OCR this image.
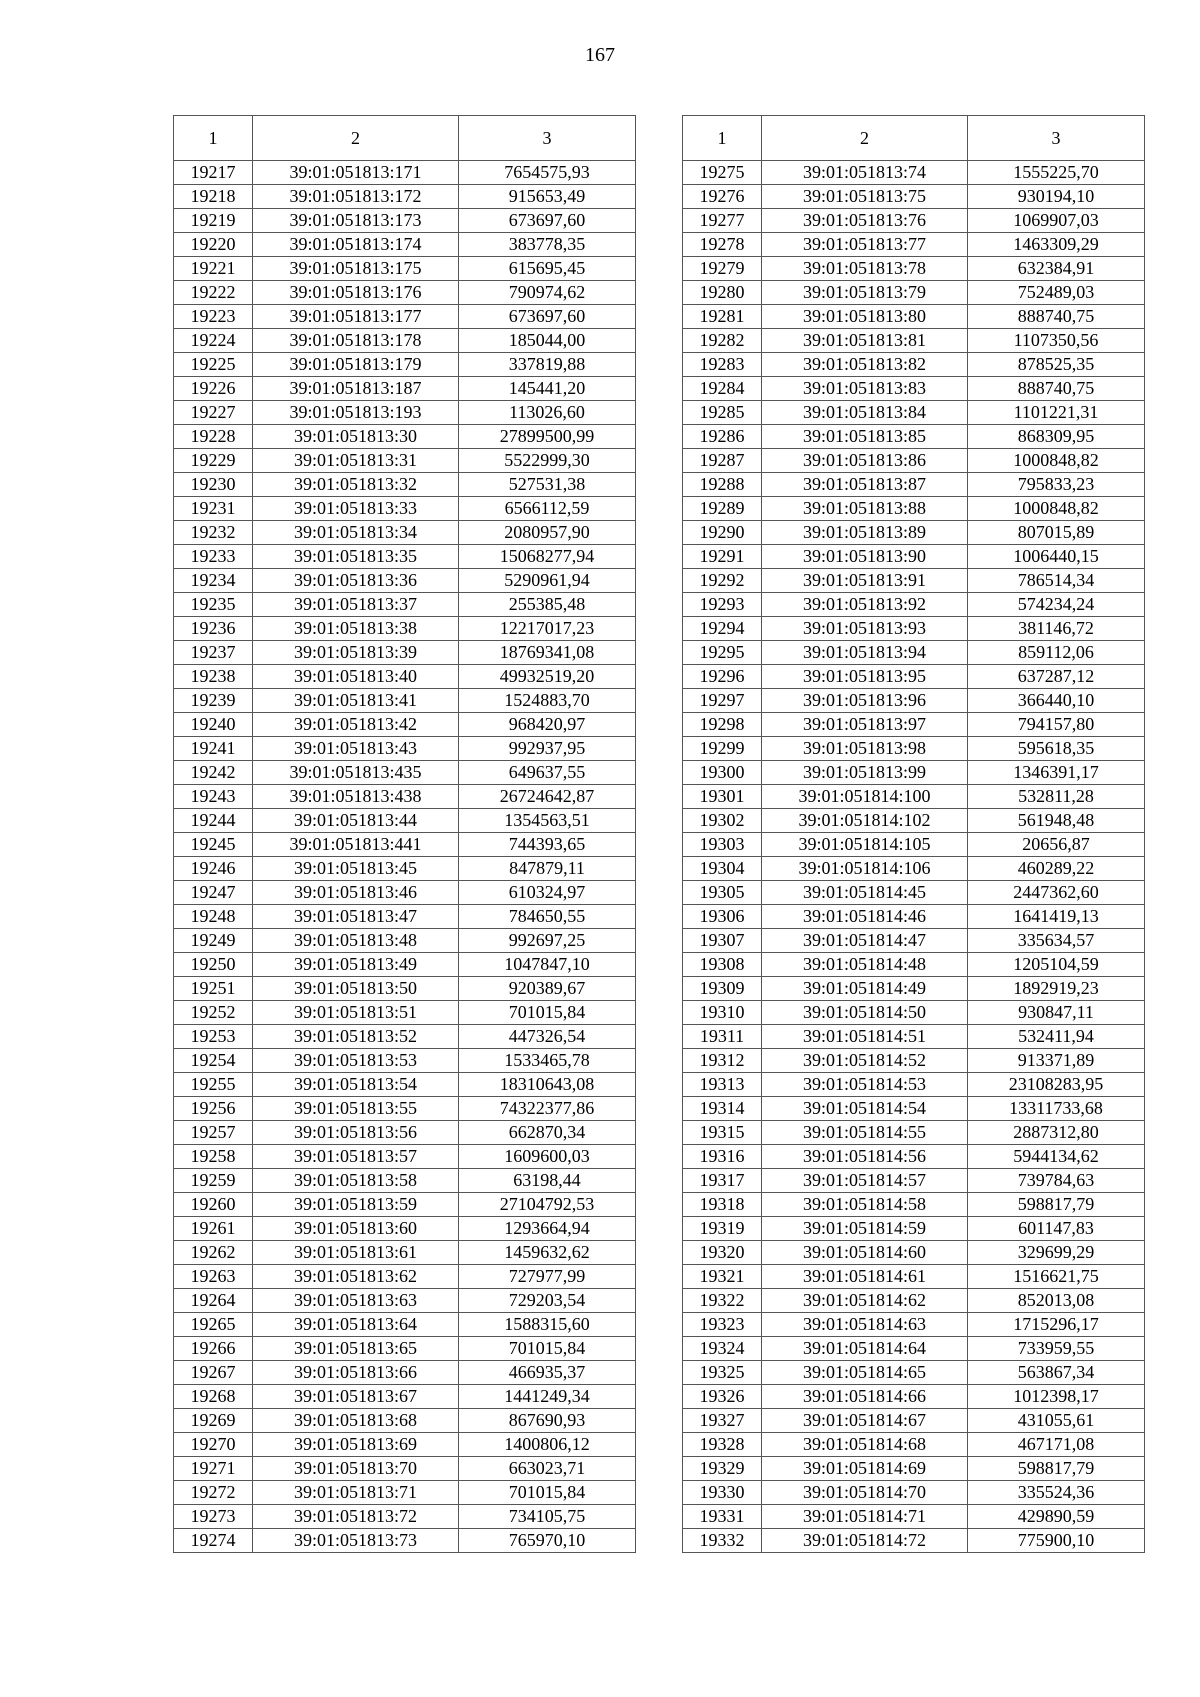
167
1	2	3
19217	39:01:051813:171	7654575,93
19218	39:01:051813:172	915653,49
19219	39:01:051813:173	673697,60
19220	39:01:051813:174	383778,35
19221	39:01:051813:175	615695,45
19222	39:01:051813:176	790974,62
19223	39:01:051813:177	673697,60
19224	39:01:051813:178	185044,00
19225	39:01:051813:179	337819,88
19226	39:01:051813:187	145441,20
19227	39:01:051813:193	113026,60
19228	39:01:051813:30	27899500,99
19229	39:01:051813:31	5522999,30
19230	39:01:051813:32	527531,38
19231	39:01:051813:33	6566112,59
19232	39:01:051813:34	2080957,90
19233	39:01:051813:35	15068277,94
19234	39:01:051813:36	5290961,94
19235	39:01:051813:37	255385,48
19236	39:01:051813:38	12217017,23
19237	39:01:051813:39	18769341,08
19238	39:01:051813:40	49932519,20
19239	39:01:051813:41	1524883,70
19240	39:01:051813:42	968420,97
19241	39:01:051813:43	992937,95
19242	39:01:051813:435	649637,55
19243	39:01:051813:438	26724642,87
19244	39:01:051813:44	1354563,51
19245	39:01:051813:441	744393,65
19246	39:01:051813:45	847879,11
19247	39:01:051813:46	610324,97
19248	39:01:051813:47	784650,55
19249	39:01:051813:48	992697,25
19250	39:01:051813:49	1047847,10
19251	39:01:051813:50	920389,67
19252	39:01:051813:51	701015,84
19253	39:01:051813:52	447326,54
19254	39:01:051813:53	1533465,78
19255	39:01:051813:54	18310643,08
19256	39:01:051813:55	74322377,86
19257	39:01:051813:56	662870,34
19258	39:01:051813:57	1609600,03
19259	39:01:051813:58	63198,44
19260	39:01:051813:59	27104792,53
19261	39:01:051813:60	1293664,94
19262	39:01:051813:61	1459632,62
19263	39:01:051813:62	727977,99
19264	39:01:051813:63	729203,54
19265	39:01:051813:64	1588315,60
19266	39:01:051813:65	701015,84
19267	39:01:051813:66	466935,37
19268	39:01:051813:67	1441249,34
19269	39:01:051813:68	867690,93
19270	39:01:051813:69	1400806,12
19271	39:01:051813:70	663023,71
19272	39:01:051813:71	701015,84
19273	39:01:051813:72	734105,75
19274	39:01:051813:73	765970,10
1	2	3
19275	39:01:051813:74	1555225,70
19276	39:01:051813:75	930194,10
19277	39:01:051813:76	1069907,03
19278	39:01:051813:77	1463309,29
19279	39:01:051813:78	632384,91
19280	39:01:051813:79	752489,03
19281	39:01:051813:80	888740,75
19282	39:01:051813:81	1107350,56
19283	39:01:051813:82	878525,35
19284	39:01:051813:83	888740,75
19285	39:01:051813:84	1101221,31
19286	39:01:051813:85	868309,95
19287	39:01:051813:86	1000848,82
19288	39:01:051813:87	795833,23
19289	39:01:051813:88	1000848,82
19290	39:01:051813:89	807015,89
19291	39:01:051813:90	1006440,15
19292	39:01:051813:91	786514,34
19293	39:01:051813:92	574234,24
19294	39:01:051813:93	381146,72
19295	39:01:051813:94	859112,06
19296	39:01:051813:95	637287,12
19297	39:01:051813:96	366440,10
19298	39:01:051813:97	794157,80
19299	39:01:051813:98	595618,35
19300	39:01:051813:99	1346391,17
19301	39:01:051814:100	532811,28
19302	39:01:051814:102	561948,48
19303	39:01:051814:105	20656,87
19304	39:01:051814:106	460289,22
19305	39:01:051814:45	2447362,60
19306	39:01:051814:46	1641419,13
19307	39:01:051814:47	335634,57
19308	39:01:051814:48	1205104,59
19309	39:01:051814:49	1892919,23
19310	39:01:051814:50	930847,11
19311	39:01:051814:51	532411,94
19312	39:01:051814:52	913371,89
19313	39:01:051814:53	23108283,95
19314	39:01:051814:54	13311733,68
19315	39:01:051814:55	2887312,80
19316	39:01:051814:56	5944134,62
19317	39:01:051814:57	739784,63
19318	39:01:051814:58	598817,79
19319	39:01:051814:59	601147,83
19320	39:01:051814:60	329699,29
19321	39:01:051814:61	1516621,75
19322	39:01:051814:62	852013,08
19323	39:01:051814:63	1715296,17
19324	39:01:051814:64	733959,55
19325	39:01:051814:65	563867,34
19326	39:01:051814:66	1012398,17
19327	39:01:051814:67	431055,61
19328	39:01:051814:68	467171,08
19329	39:01:051814:69	598817,79
19330	39:01:051814:70	335524,36
19331	39:01:051814:71	429890,59
19332	39:01:051814:72	775900,10
